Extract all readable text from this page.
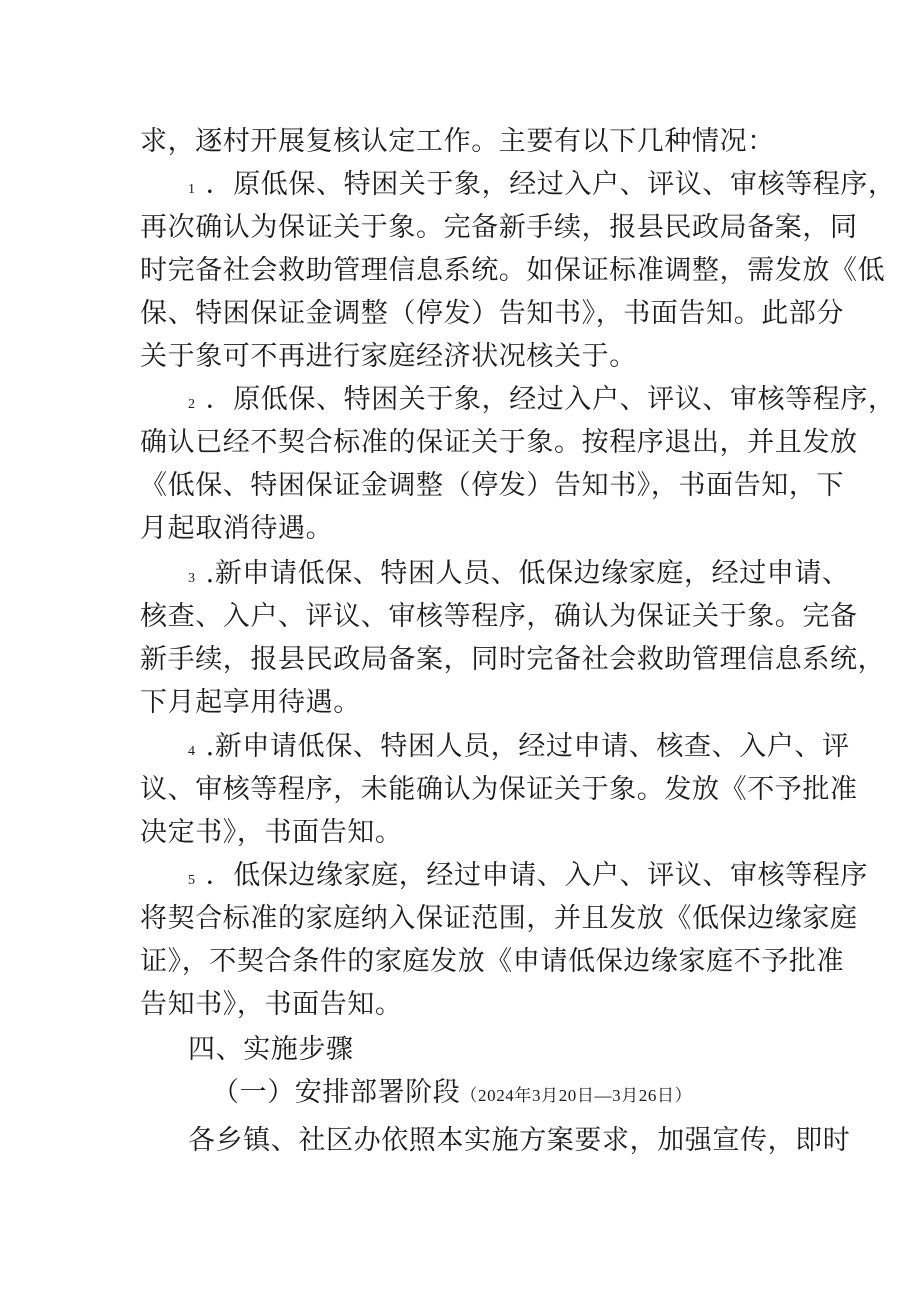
求，逐村开展复核认定工作。主要有以下几种情况：
1 ．原低保、特困关于象，经过入户、评议、审核等程序，
再次确认为保证关于象。完备新手续，报县民政局备案，同
时完备社会救助管理信息系统。如保证标准调整，需发放《低
保、特困保证金调整（停发）告知书》，书面告知。此部分
关于象可不再进行家庭经济状况核关于。
2 ．原低保、特困关于象，经过入户、评议、审核等程序，
确认已经不契合标准的保证关于象。按程序退出，并且发放
《低保、特困保证金调整（停发）告知书》，书面告知，下
月起取消待遇。
3 .新申请低保、特困人员、低保边缘家庭，经过申请、
核查、入户、评议、审核等程序，确认为保证关于象。完备
新手续，报县民政局备案，同时完备社会救助管理信息系统，
下月起享用待遇。
4 .新申请低保、特困人员，经过申请、核查、入户、评
议、审核等程序，未能确认为保证关于象。发放《不予批准
决定书》，书面告知。
5 ．低保边缘家庭，经过申请、入户、评议、审核等程序
将契合标准的家庭纳入保证范围，并且发放《低保边缘家庭
证》，不契合条件的家庭发放《申请低保边缘家庭不予批准
告知书》，书面告知。
四、实施步骤
（一）安排部署阶段（2024年3月20日—3月26日）
各乡镇、社区办依照本实施方案要求，加强宣传，即时
